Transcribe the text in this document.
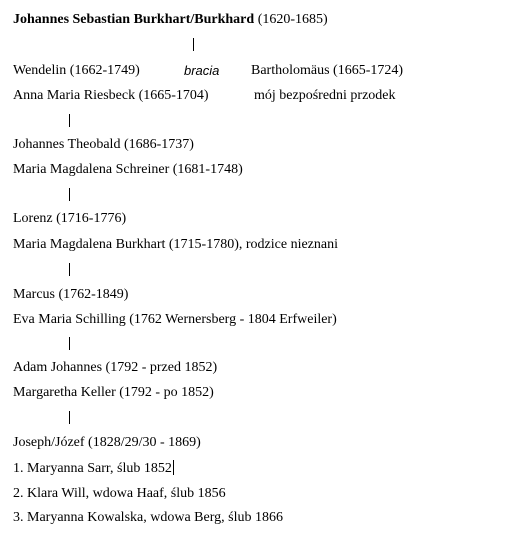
Johannes Sebastian Burkhart/Burkhard (1620-1685)
Wendelin (1662-1749)	bracia Bartholomäus (1665-1724)
Anna Maria Riesbeck (1665-1704)	mój bezpośredni przodek
Johannes Theobald (1686-1737)
Maria Magdalena Schreiner (1681-1748)
Lorenz (1716-1776)
Maria Magdalena Burkhart (1715-1780), rodzice nieznani
Marcus (1762-1849)
Eva Maria Schilling (1762 Wernersberg - 1804 Erfweiler)
Adam Johannes (1792 - przed 1852)
Margaretha Keller (1792 - po 1852)
Joseph/Józef (1828/29/30 - 1869)
1. Maryanna Sarr, ślub 1852
2. Klara Will, wdowa Haaf, ślub 1856
3. Maryanna Kowalska, wdowa Berg, ślub 1866
